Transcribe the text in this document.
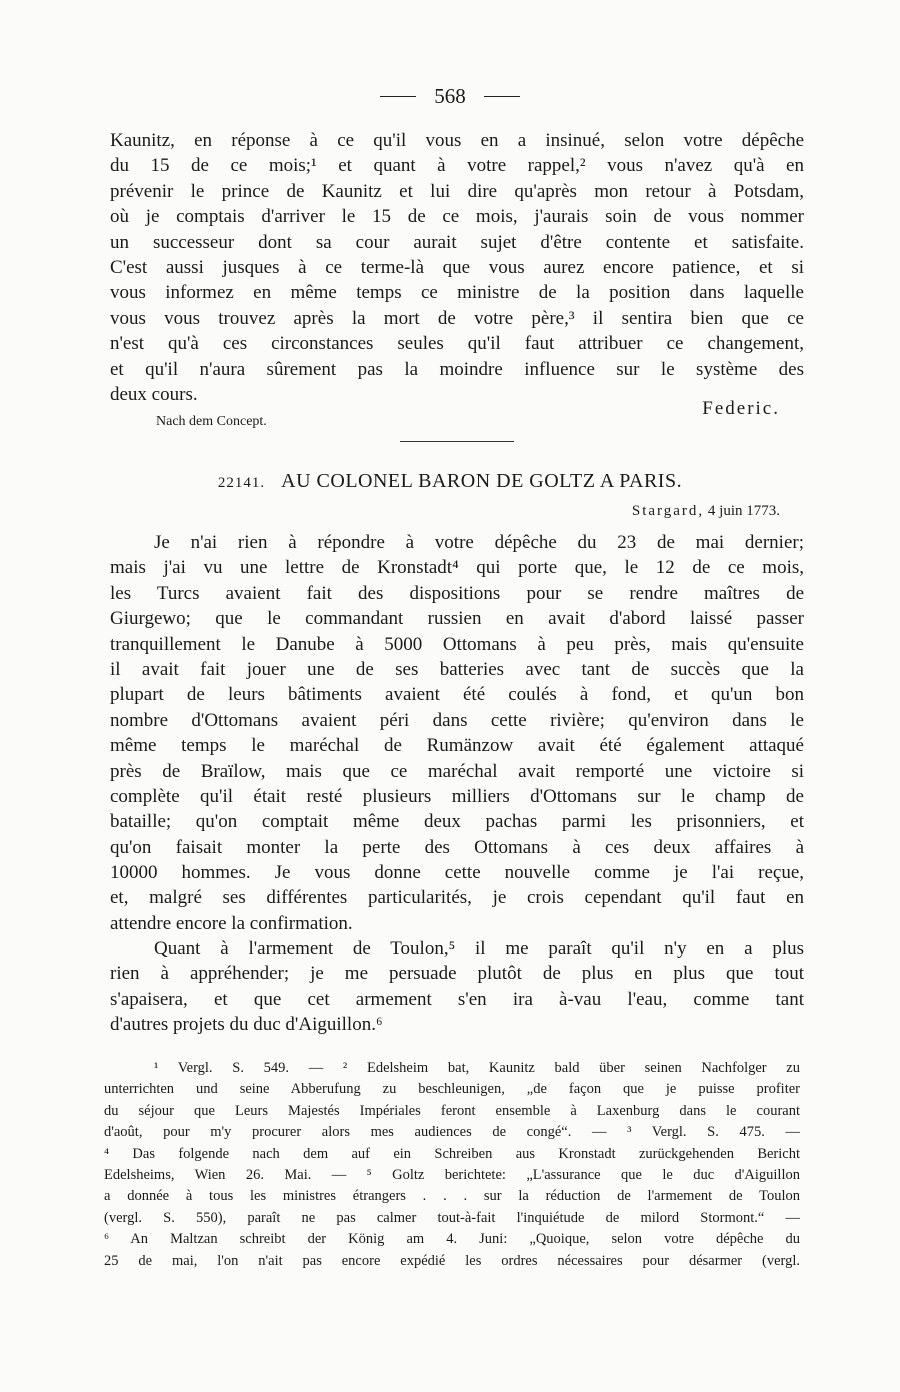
568
Kaunitz, en réponse à ce qu'il vous en a insinué, selon votre dépêche
du 15 de ce mois;¹ et quant à votre rappel,² vous n'avez qu'à en
prévenir le prince de Kaunitz et lui dire qu'après mon retour à Potsdam,
où je comptais d'arriver le 15 de ce mois, j'aurais soin de vous nommer
un successeur dont sa cour aurait sujet d'être contente et satisfaite.
C'est aussi jusques à ce terme-là que vous aurez encore patience, et si
vous informez en même temps ce ministre de la position dans laquelle
vous vous trouvez après la mort de votre père,³ il sentira bien que ce
n'est qu'à ces circonstances seules qu'il faut attribuer ce changement,
et qu'il n'aura sûrement pas la moindre influence sur le système des
deux cours.
Federic.
Nach dem Concept.
22141. AU COLONEL BARON DE GOLTZ A PARIS.
Stargard, 4 juin 1773.
Je n'ai rien à répondre à votre dépêche du 23 de mai dernier;
mais j'ai vu une lettre de Kronstadt⁴ qui porte que, le 12 de ce mois,
les Turcs avaient fait des dispositions pour se rendre maîtres de
Giurgewo; que le commandant russien en avait d'abord laissé passer
tranquillement le Danube à 5000 Ottomans à peu près, mais qu'ensuite
il avait fait jouer une de ses batteries avec tant de succès que la
plupart de leurs bâtiments avaient été coulés à fond, et qu'un bon
nombre d'Ottomans avaient péri dans cette rivière; qu'environ dans le
même temps le maréchal de Rumänzow avait été également attaqué
près de Braïlow, mais que ce maréchal avait remporté une victoire si
complète qu'il était resté plusieurs milliers d'Ottomans sur le champ de
bataille; qu'on comptait même deux pachas parmi les prisonniers, et
qu'on faisait monter la perte des Ottomans à ces deux affaires à
10000 hommes. Je vous donne cette nouvelle comme je l'ai reçue,
et, malgré ses différentes particularités, je crois cependant qu'il faut en
attendre encore la confirmation.
Quant à l'armement de Toulon,⁵ il me paraît qu'il n'y en a plus
rien à appréhender; je me persuade plutôt de plus en plus que tout
s'apaisera, et que cet armement s'en ira à-vau l'eau, comme tant
d'autres projets du duc d'Aiguillon.⁶
¹ Vergl. S. 549. — ² Edelsheim bat, Kaunitz bald über seinen Nachfolger zu
unterrichten und seine Abberufung zu beschleunigen, „de façon que je puisse profiter
du séjour que Leurs Majestés Impériales feront ensemble à Laxenburg dans le courant
d'août, pour m'y procurer alors mes audiences de congé“. — ³ Vergl. S. 475. —
⁴ Das folgende nach dem auf ein Schreiben aus Kronstadt zurückgehenden Bericht
Edelsheims, Wien 26. Mai. — ⁵ Goltz berichtete: „L'assurance que le duc d'Aiguillon
a donnée à tous les ministres étrangers . . . sur la réduction de l'armement de Toulon
(vergl. S. 550), paraît ne pas calmer tout-à-fait l'inquiétude de milord Stormont.“ —
⁶ An Maltzan schreibt der König am 4. Juni: „Quoique, selon votre dépêche du
25 de mai, l'on n'ait pas encore expédié les ordres nécessaires pour désarmer (vergl.
